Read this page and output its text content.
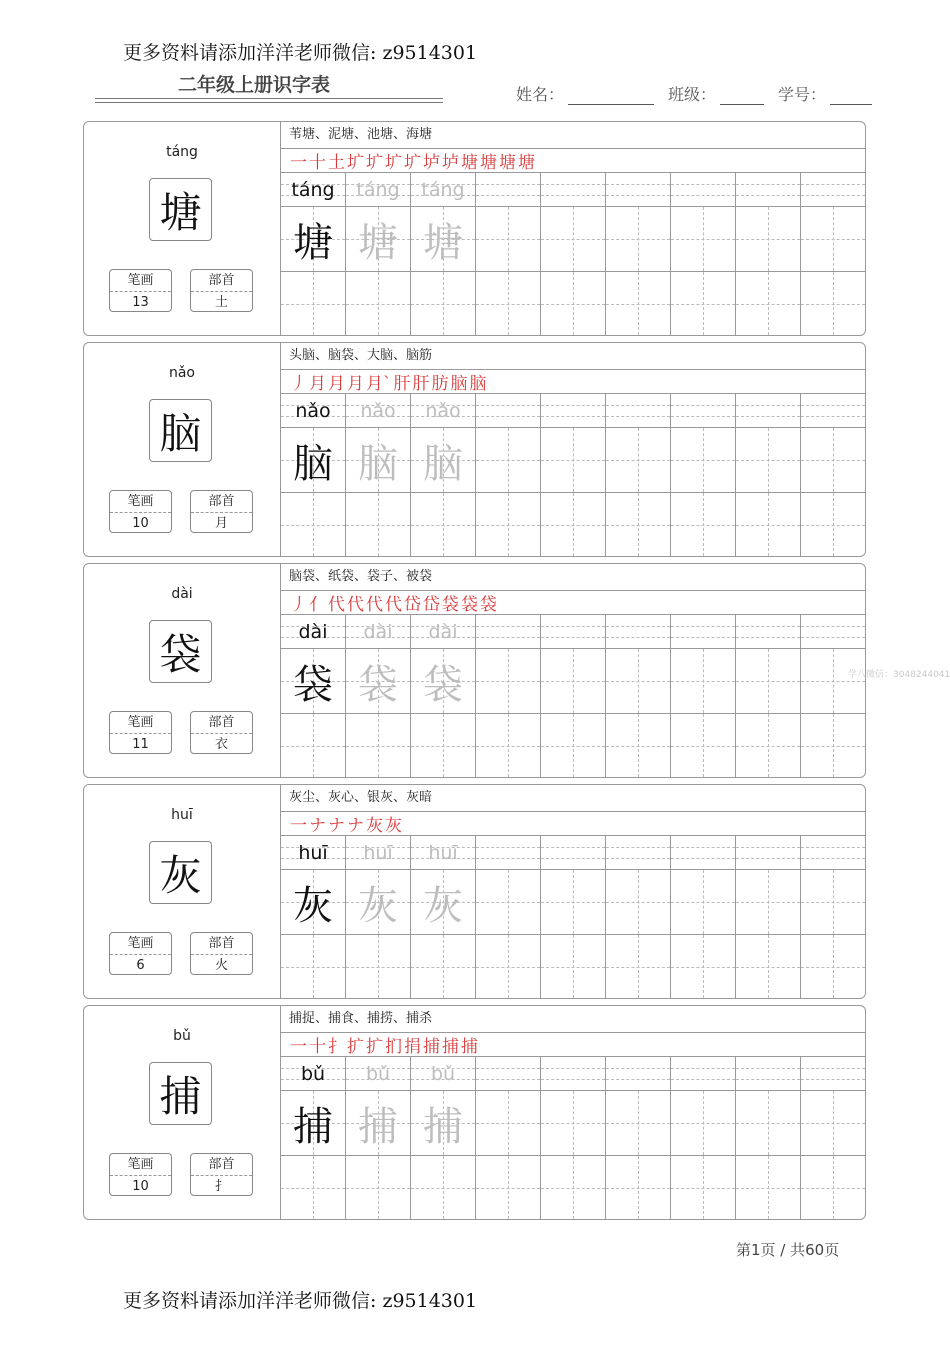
更多资料请添加洋洋老师微信: z9514301
二年级上册识字表	姓名：	班级：	学号：
táng
塘
笔画
13
部首
土
苇塘、泥塘、池塘、海塘
一 十 土 圹 圹 圹 圹 垆 垆 塘 塘 塘 塘
táng
塘
táng
塘
táng
塘
nǎo
脑
笔画
10
部首
月
头脑、脑袋、大脑、脑筋
丿 月 月 月 月` 肝 肝 肪 脑 脑
nǎo
脑
nǎo
脑
nǎo
脑
dài
袋
笔画
11
部首
衣
脑袋、纸袋、袋子、被袋
丿 亻 代 代 代 代 岱 岱 袋 袋 袋
dài
袋
dài
袋
dài
袋
huī
灰
笔画
6
部首
火
灰尘、灰心、银灰、灰暗
一 ナ ナ ナ 灰 灰
huī
灰
huī
灰
huī
灰
bǔ
捕
笔画
10
部首
扌
捕捉、捕食、捕捞、捕杀
一 十 扌 扩 扩 扪 捐 捕 捕 捕
bǔ
捕
bǔ
捕
bǔ
捕
第1页 / 共60页
更多资料请添加洋洋老师微信: z9514301
学八微信：3048244041
